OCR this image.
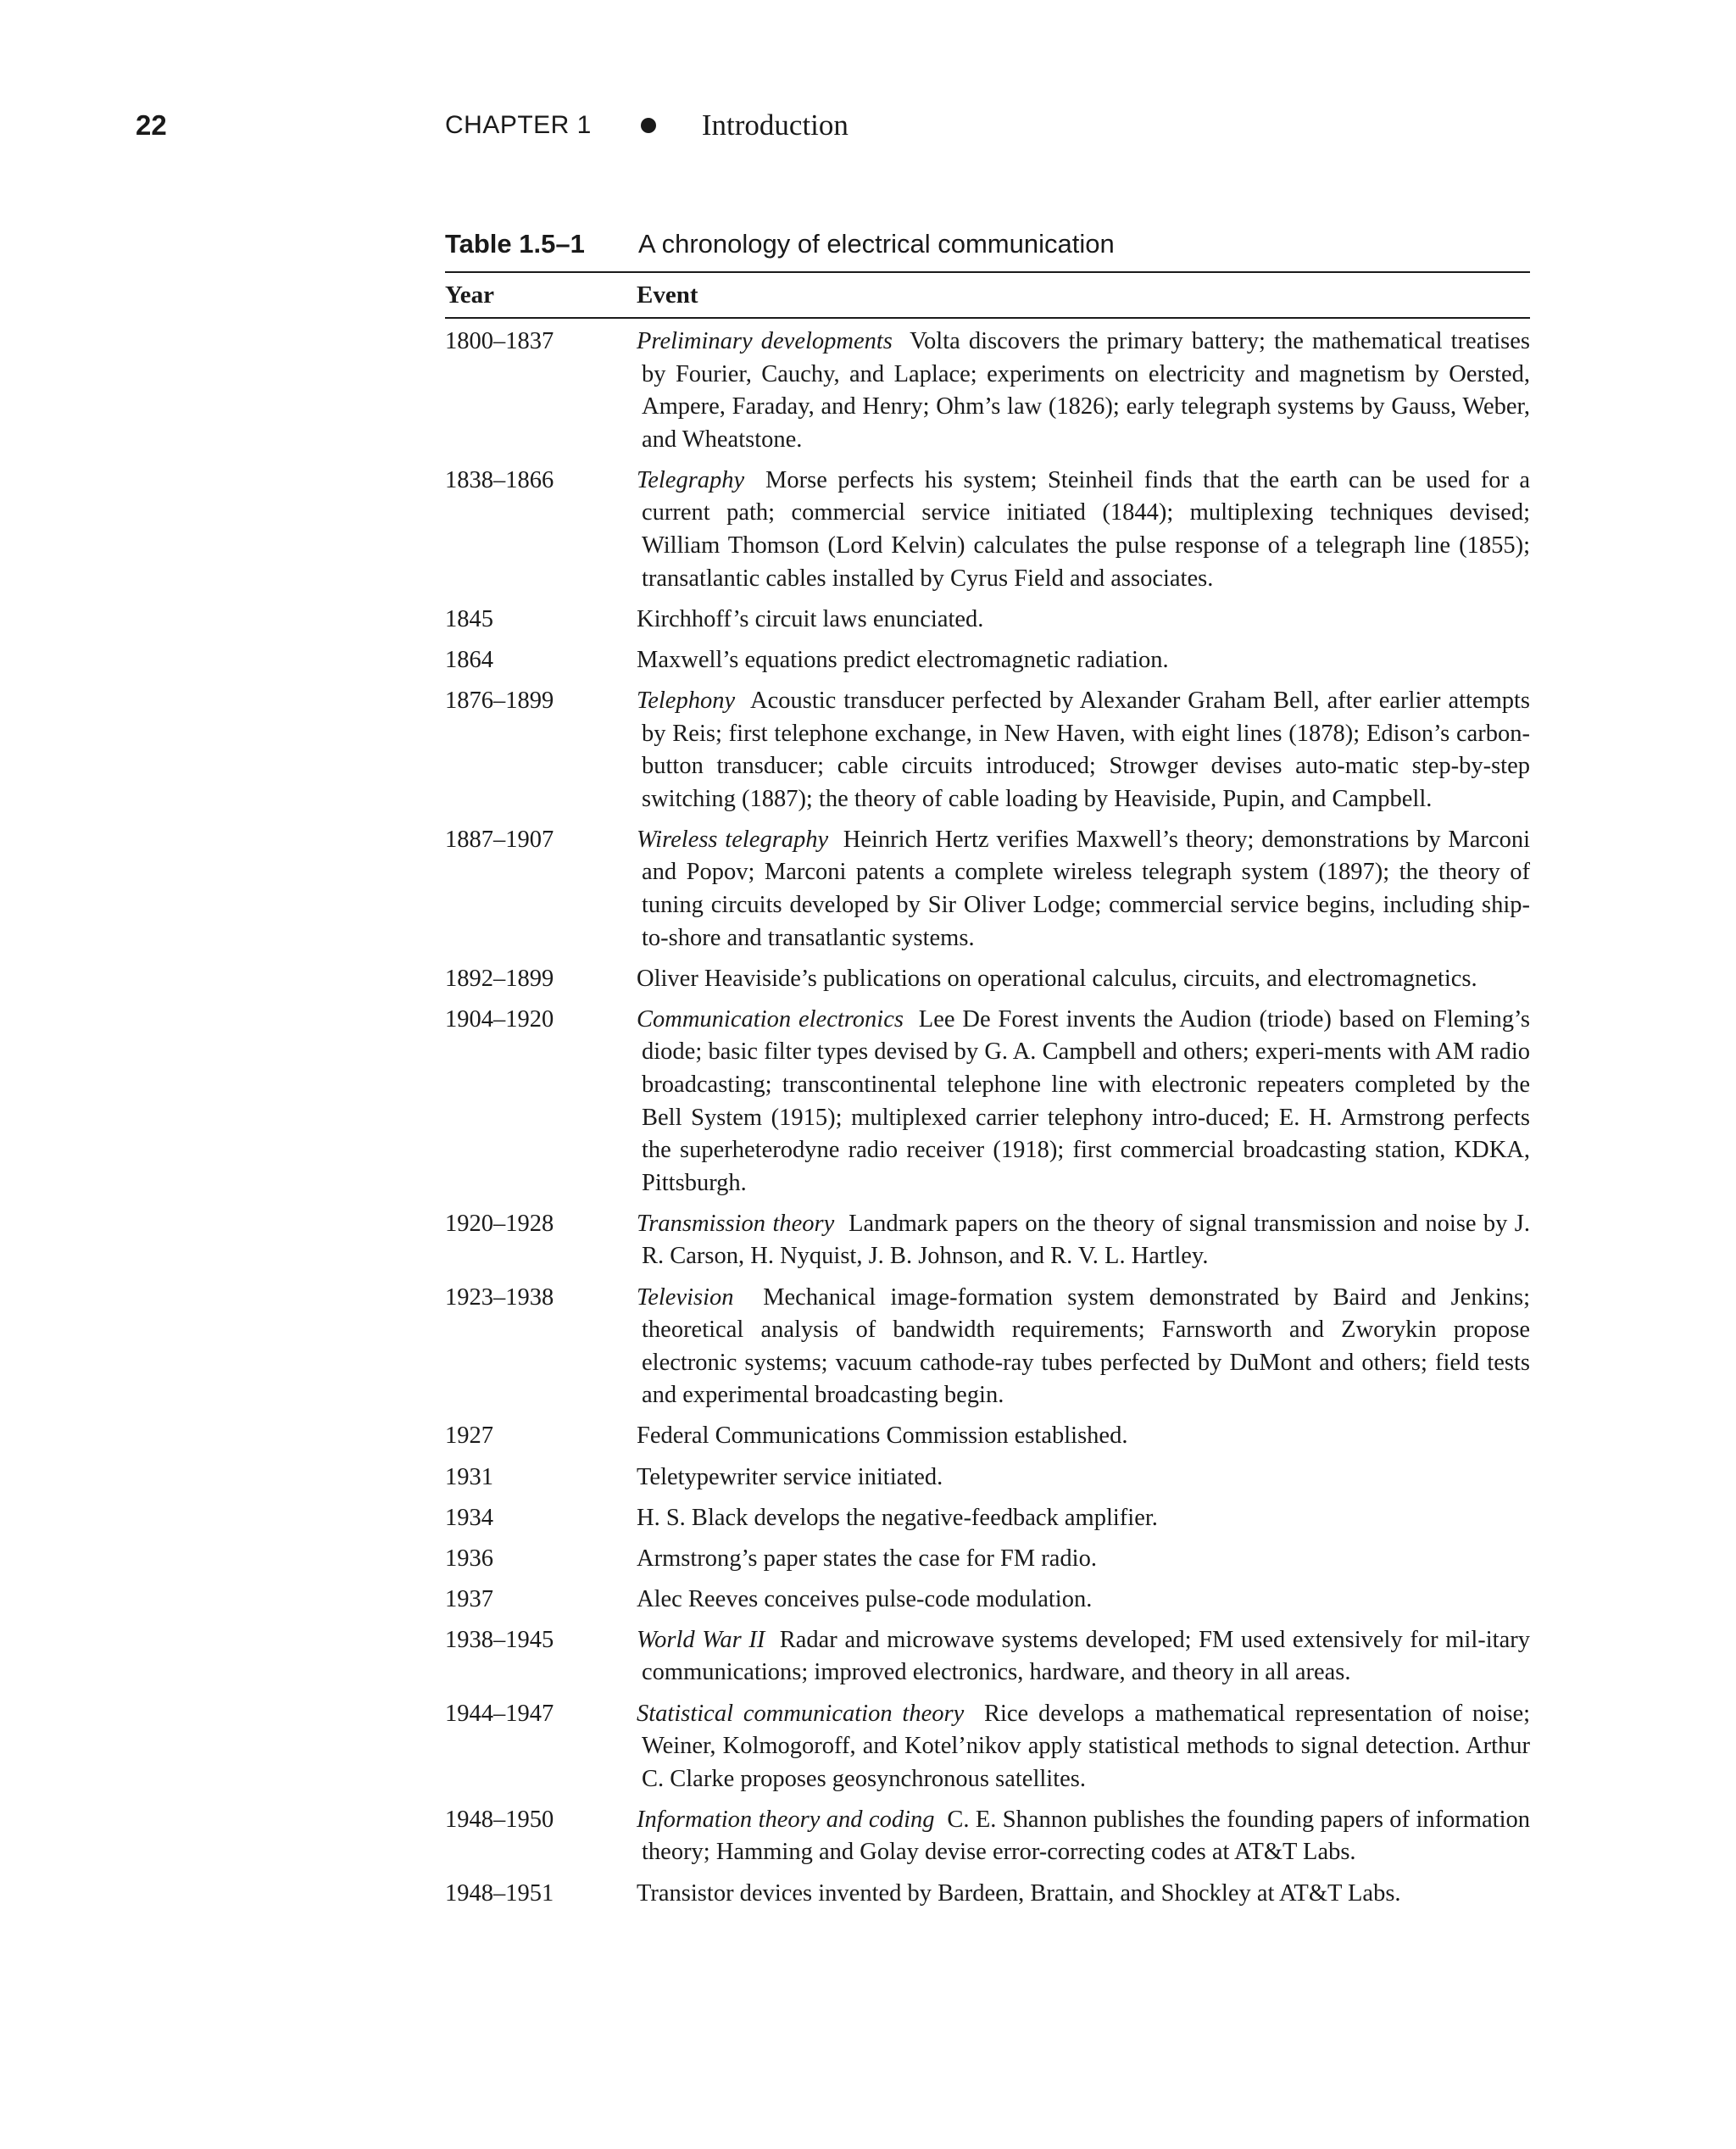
22	CHAPTER 1	Introduction
Table 1.5–1	A chronology of electrical communication
Year	Event
1800–1837	Preliminary developments Volta discovers the primary battery; the mathematical treatises by Fourier, Cauchy, and Laplace; experiments on electricity and magnetism by Oersted, Ampere, Faraday, and Henry; Ohm’s law (1826); early telegraph systems by Gauss, Weber, and Wheatstone.
1838–1866	Telegraphy Morse perfects his system; Steinheil finds that the earth can be used for a current path; commercial service initiated (1844); multiplexing techniques devised; William Thomson (Lord Kelvin) calculates the pulse response of a telegraph line (1855); transatlantic cables installed by Cyrus Field and associates.
1845	Kirchhoff’s circuit laws enunciated.
1864	Maxwell’s equations predict electromagnetic radiation.
1876–1899	Telephony Acoustic transducer perfected by Alexander Graham Bell, after earlier attempts by Reis; first telephone exchange, in New Haven, with eight lines (1878); Edison’s carbon-button transducer; cable circuits introduced; Strowger devises auto-matic step-by-step switching (1887); the theory of cable loading by Heaviside, Pupin, and Campbell.
1887–1907	Wireless telegraphy Heinrich Hertz verifies Maxwell’s theory; demonstrations by Marconi and Popov; Marconi patents a complete wireless telegraph system (1897); the theory of tuning circuits developed by Sir Oliver Lodge; commercial service begins, including ship-to-shore and transatlantic systems.
1892–1899	Oliver Heaviside’s publications on operational calculus, circuits, and electromagnetics.
1904–1920	Communication electronics Lee De Forest invents the Audion (triode) based on Fleming’s diode; basic filter types devised by G. A. Campbell and others; experi-ments with AM radio broadcasting; transcontinental telephone line with electronic repeaters completed by the Bell System (1915); multiplexed carrier telephony intro-duced; E. H. Armstrong perfects the superheterodyne radio receiver (1918); first commercial broadcasting station, KDKA, Pittsburgh.
1920–1928	Transmission theory Landmark papers on the theory of signal transmission and noise by J. R. Carson, H. Nyquist, J. B. Johnson, and R. V. L. Hartley.
1923–1938	Television Mechanical image-formation system demonstrated by Baird and Jenkins; theoretical analysis of bandwidth requirements; Farnsworth and Zworykin propose electronic systems; vacuum cathode-ray tubes perfected by DuMont and others; field tests and experimental broadcasting begin.
1927	Federal Communications Commission established.
1931	Teletypewriter service initiated.
1934	H. S. Black develops the negative-feedback amplifier.
1936	Armstrong’s paper states the case for FM radio.
1937	Alec Reeves conceives pulse-code modulation.
1938–1945	World War II Radar and microwave systems developed; FM used extensively for mil-itary communications; improved electronics, hardware, and theory in all areas.
1944–1947	Statistical communication theory Rice develops a mathematical representation of noise; Weiner, Kolmogoroff, and Kotel’nikov apply statistical methods to signal detection. Arthur C. Clarke proposes geosynchronous satellites.
1948–1950	Information theory and coding C. E. Shannon publishes the founding papers of information theory; Hamming and Golay devise error-correcting codes at AT&T Labs.
1948–1951	Transistor devices invented by Bardeen, Brattain, and Shockley at AT&T Labs.
